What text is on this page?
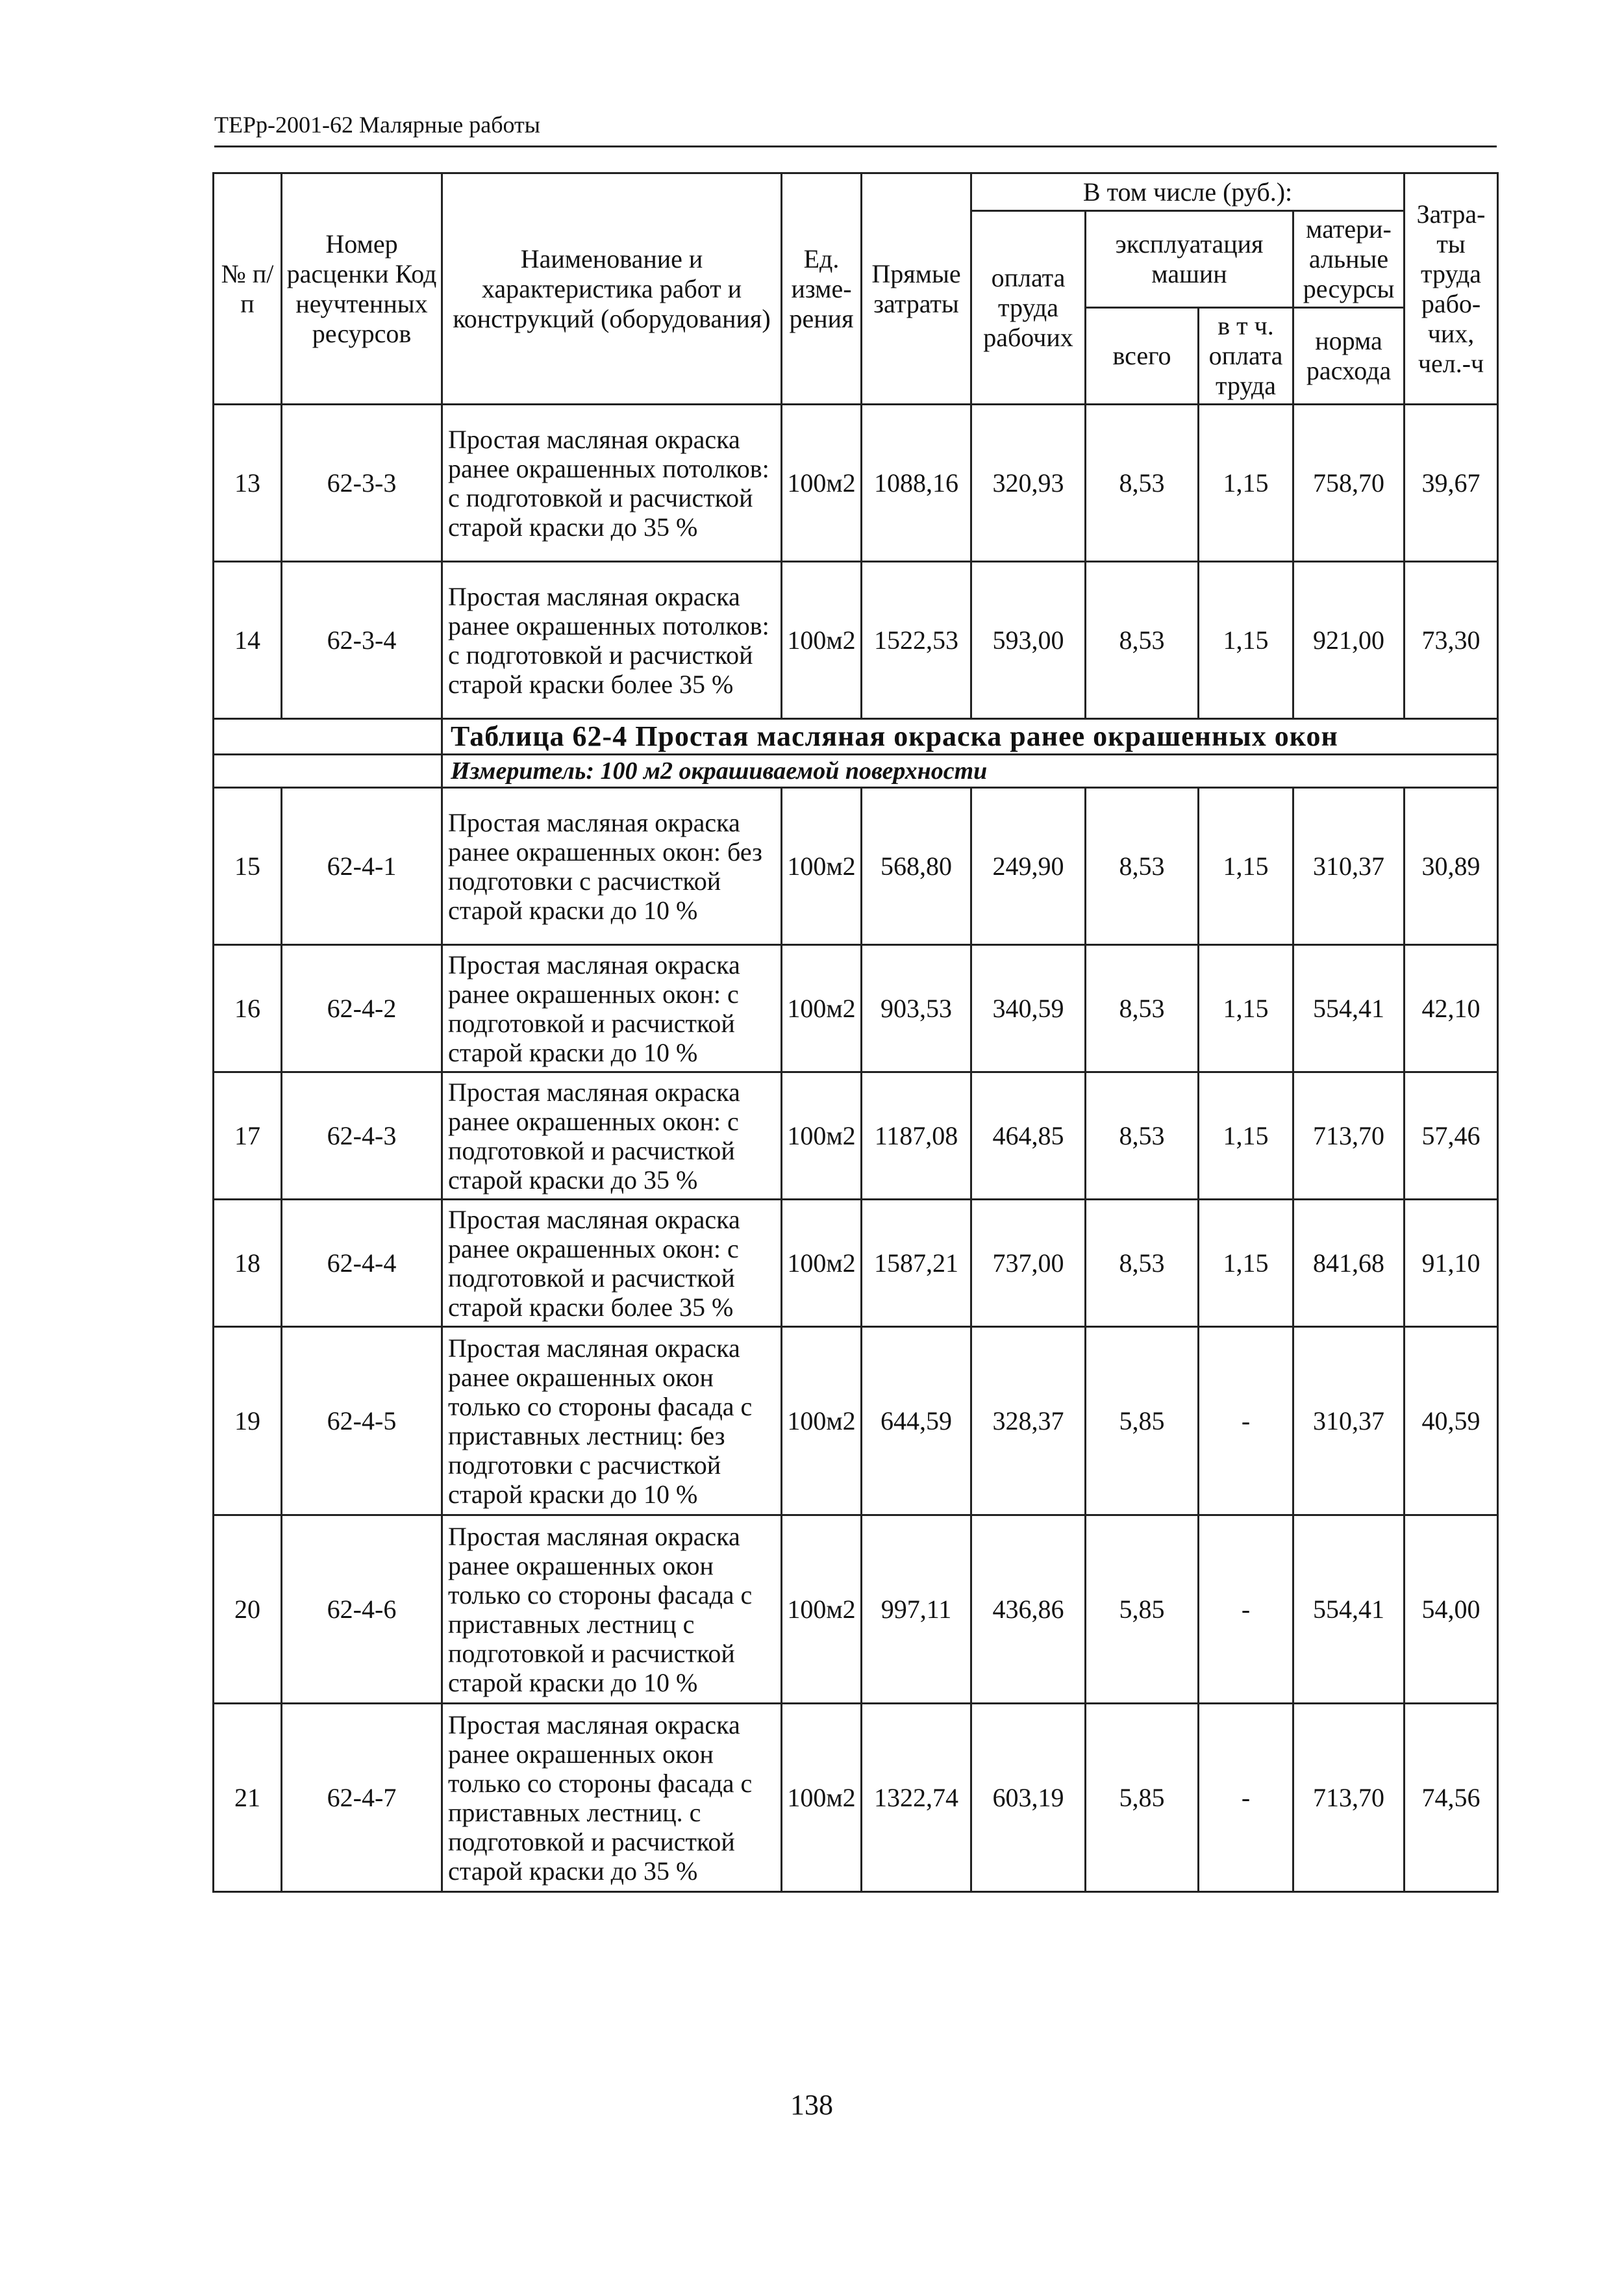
ТЕРр-2001-62 Малярные работы
№ п/п	Номер расценки Код неучтенных ресурсов	Наименование и характеристика работ и конструкций (оборудования)	Ед. изме- рения	Прямые затраты	В том числе (руб.):				Затра- ты труда рабо- чих, чел.-ч
					оплата труда рабочих	эксплуатация машин		матери- альные ресурсы	
						всего	в т ч. оплата труда	норма расхода	

13	62-3-3	Простая масляная окраска ранее окрашенных потолков: с подготовкой и расчисткой старой краски до 35 %	100м2	1088,16	320,93	8,53	1,15	758,70	39,67
14	62-3-4	Простая масляная окраска ранее окрашенных потолков: с подготовкой и расчисткой старой краски более 35 %	100м2	1522,53	593,00	8,53	1,15	921,00	73,30
		Таблица 62-4 Простая масляная окраска ранее окрашенных окон							
		Измеритель: 100 м2 окрашиваемой поверхности							
15	62-4-1	Простая масляная окраска ранее окрашенных окон: без подготовки с расчисткой старой краски до 10 %	100м2	568,80	249,90	8,53	1,15	310,37	30,89
16	62-4-2	Простая масляная окраска ранее окрашенных окон: с подготовкой и расчисткой старой краски до 10 %	100м2	903,53	340,59	8,53	1,15	554,41	42,10
17	62-4-3	Простая масляная окраска ранее окрашенных окон: с подготовкой и расчисткой старой краски до 35 %	100м2	1187,08	464,85	8,53	1,15	713,70	57,46
18	62-4-4	Простая масляная окраска ранее окрашенных окон: с подготовкой и расчисткой старой краски более 35 %	100м2	1587,21	737,00	8,53	1,15	841,68	91,10
19	62-4-5	Простая масляная окраска ранее окрашенных окон только со стороны фасада с приставных лестниц: без подготовки с расчисткой старой краски до 10 %	100м2	644,59	328,37	5,85	-	310,37	40,59
20	62-4-6	Простая масляная окраска ранее окрашенных окон только со стороны фасада с приставных лестниц с подготовкой и расчисткой старой краски до 10 %	100м2	997,11	436,86	5,85	-	554,41	54,00
21	62-4-7	Простая масляная окраска ранее окрашенных окон только со стороны фасада с приставных лестниц. с подготовкой и расчисткой старой краски до 35 %	100м2	1322,74	603,19	5,85	-	713,70	74,56
138
